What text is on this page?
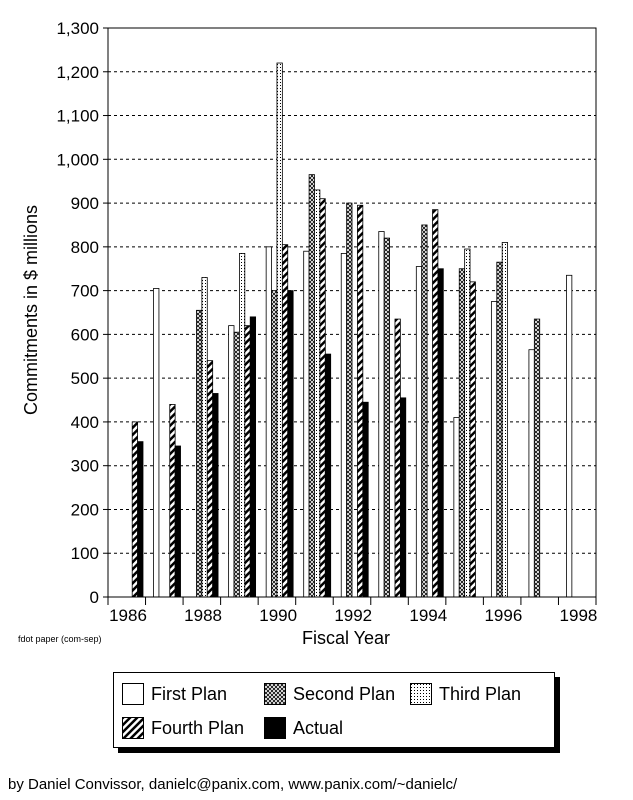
0
100
200
300
400
500
600
700
800
900
1,000
1,100
1,200
1,300
1986 1988 1990 1992 1994 1996 1998
Commitments in $ millions
Fiscal Year
fdot paper (com-sep)
First Plan	Second Plan Third Plan
Fourth Plan	Actual
by Daniel Convissor, danielc@panix.com, www.panix.com/~danielc/
